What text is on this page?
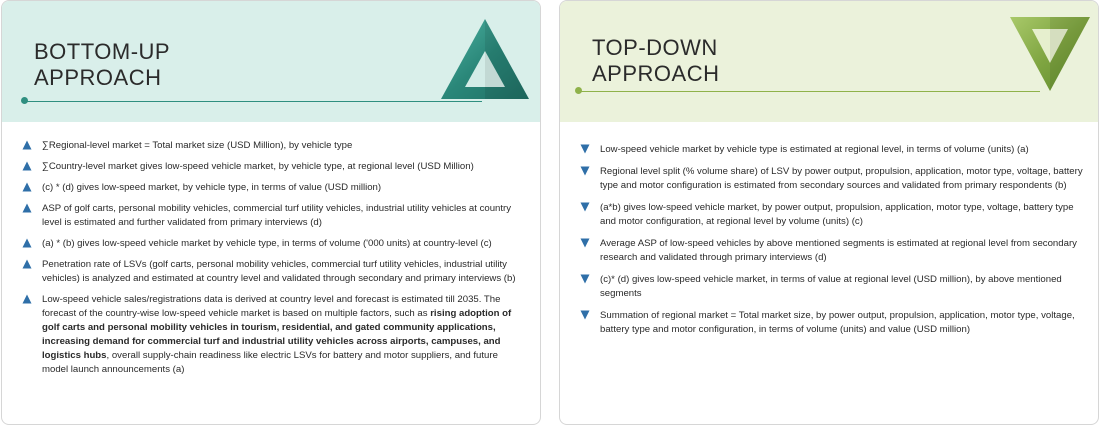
BOTTOM-UP
APPROACH
∑Regional-level market = Total market size (USD Million), by vehicle type
∑Country-level market gives low-speed vehicle market, by vehicle type, at regional level (USD Million)
(c) * (d) gives low-speed market, by vehicle type, in terms of value (USD million)
ASP of golf carts, personal mobility vehicles, commercial turf utility vehicles, industrial utility vehicles at country level is estimated and further validated from primary interviews (d)
(a) * (b) gives low-speed vehicle market by vehicle type, in terms of volume ('000 units) at country-level (c)
Penetration rate of LSVs (golf carts, personal mobility vehicles, commercial turf utility vehicles, industrial utility vehicles) is analyzed and estimated at country level and validated through secondary and primary interviews (b)
Low-speed vehicle sales/registrations data is derived at country level and forecast is estimated till 2035. The forecast of the country-wise low-speed vehicle market is based on multiple factors, such as rising adoption of golf carts and personal mobility vehicles in tourism, residential, and gated community applications, increasing demand for commercial turf and industrial utility vehicles across airports, campuses, and logistics hubs, overall supply-chain readiness like electric LSVs for battery and motor suppliers, and future model launch announcements (a)
TOP-DOWN
APPROACH
Low-speed vehicle market by vehicle type is estimated at regional level, in terms of volume (units) (a)
Regional level split (% volume share) of LSV by power output, propulsion, application, motor type, voltage, battery type and motor configuration is estimated from secondary sources and validated from primary respondents (b)
(a*b) gives low-speed vehicle market, by power output, propulsion, application, motor type, voltage, battery type and motor configuration, at regional level by volume (units) (c)
Average ASP of low-speed vehicles by above mentioned segments is estimated at regional level from secondary research and validated through primary interviews (d)
(c)* (d) gives low-speed vehicle market, in terms of value at regional level (USD million), by above mentioned segments
Summation of regional market = Total market size, by power output, propulsion, application, motor type, voltage, battery type and motor configuration, in terms of volume (units) and value (USD million)
